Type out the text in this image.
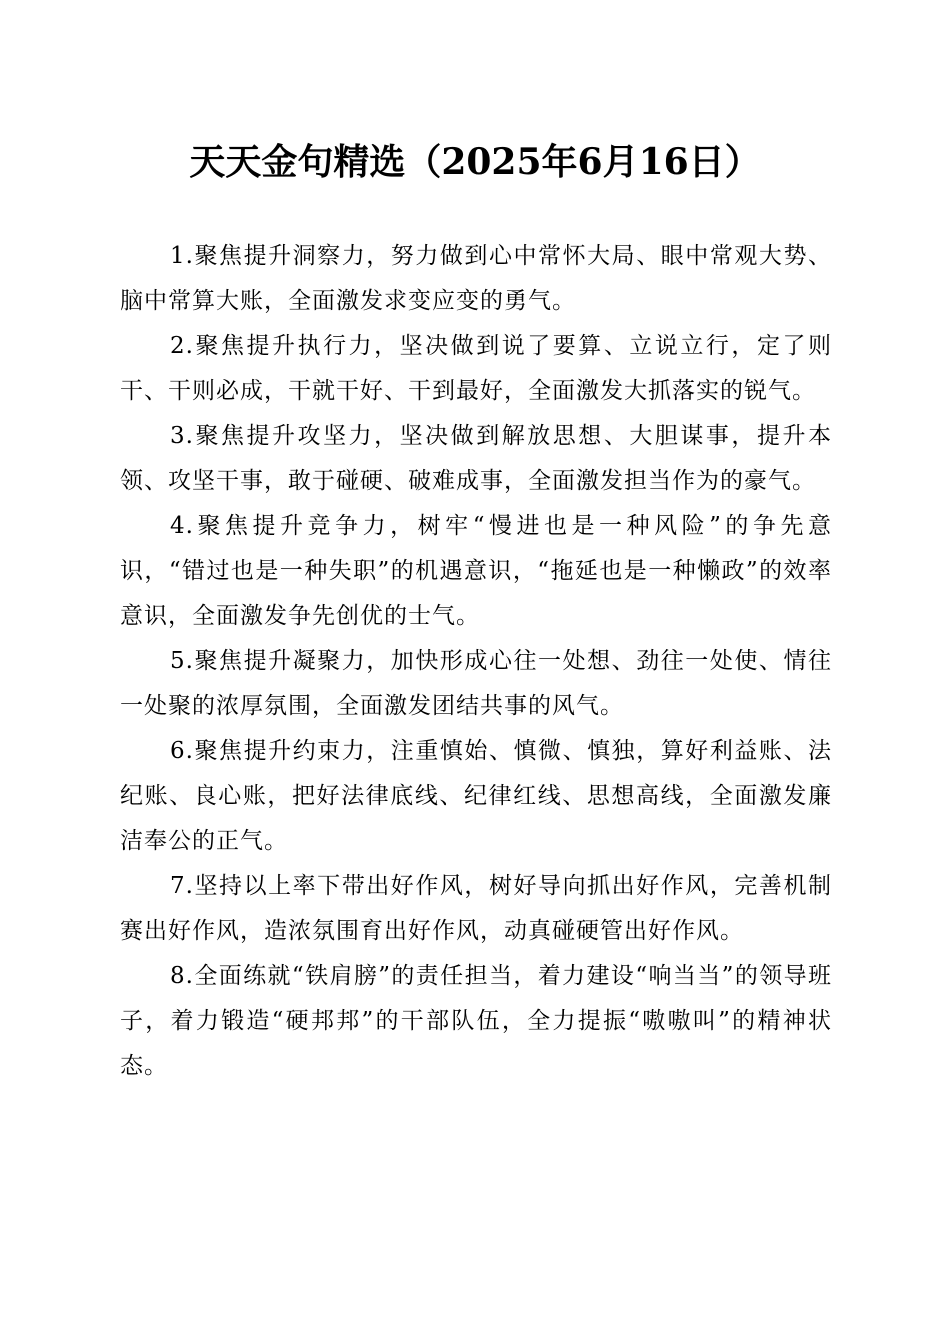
天天金句精选（2025年6月16日）

1.聚焦提升洞察力，努力做到心中常怀大局、眼中常观大势、脑中常算大账，全面激发求变应变的勇气。

2.聚焦提升执行力，坚决做到说了要算、立说立行，定了则干、干则必成，干就干好、干到最好，全面激发大抓落实的锐气。

3.聚焦提升攻坚力，坚决做到解放思想、大胆谋事，提升本领、攻坚干事，敢于碰硬、破难成事，全面激发担当作为的豪气。

4.聚焦提升竞争力，树牢“慢进也是一种风险”的争先意识，“错过也是一种失职”的机遇意识，“拖延也是一种懒政”的效率意识，全面激发争先创优的士气。

5.聚焦提升凝聚力，加快形成心往一处想、劲往一处使、情往一处聚的浓厚氛围，全面激发团结共事的风气。

6.聚焦提升约束力，注重慎始、慎微、慎独，算好利益账、法纪账、良心账，把好法律底线、纪律红线、思想高线，全面激发廉洁奉公的正气。

7.坚持以上率下带出好作风，树好导向抓出好作风，完善机制赛出好作风，造浓氛围育出好作风，动真碰硬管出好作风。

8.全面练就“铁肩膀”的责任担当，着力建设“响当当”的领导班子，着力锻造“硬邦邦”的干部队伍，全力提振“嗷嗷叫”的精神状态。
